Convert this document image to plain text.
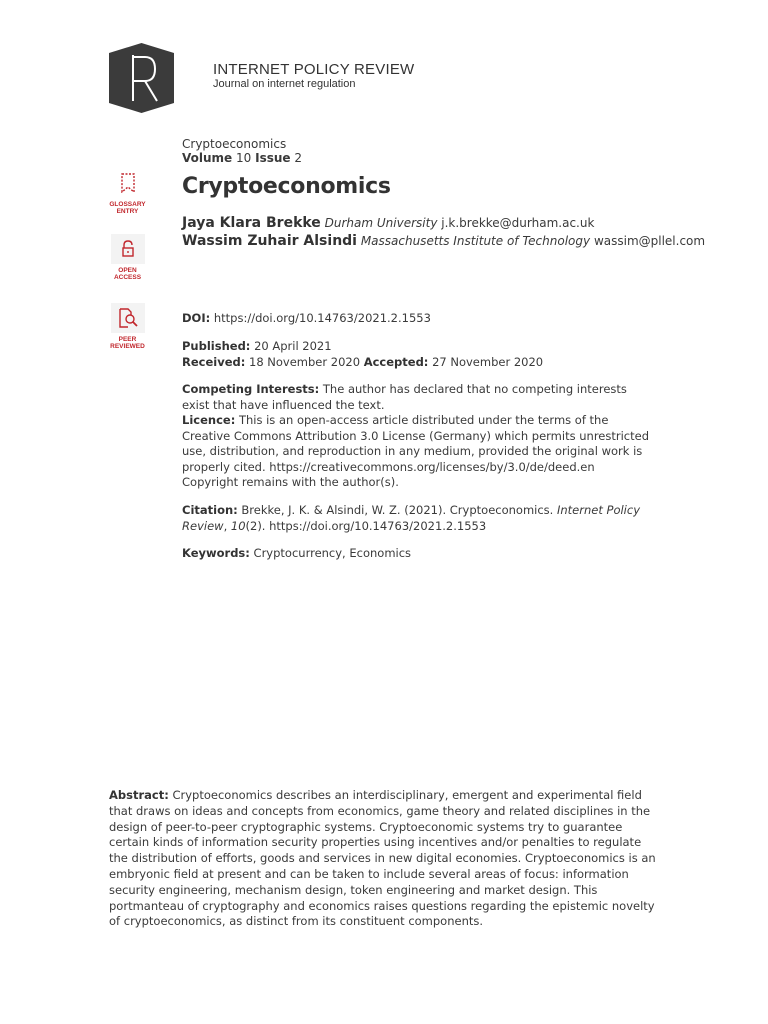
INTERNET POLICY REVIEW
Journal on internet regulation
GLOSSARY
ENTRY
OPEN
ACCESS
PEER
REVIEWED
Cryptoeconomics
Volume 10 Issue 2
Cryptoeconomics
Jaya Klara Brekke Durham University j.k.brekke@durham.ac.uk
Wassim Zuhair Alsindi Massachusetts Institute of Technology wassim@pllel.com
DOI: https://doi.org/10.14763/2021.2.1553
Published: 20 April 2021
Received: 18 November 2020 Accepted: 27 November 2020
Competing Interests: The author has declared that no competing interests exist that have influenced the text.
Licence: This is an open-access article distributed under the terms of the Creative Commons Attribution 3.0 License (Germany) which permits unrestricted use, distribution, and reproduction in any medium, provided the original work is properly cited. https://creativecommons.org/licenses/by/3.0/de/deed.en
Copyright remains with the author(s).
Citation: Brekke, J. K. & Alsindi, W. Z. (2021). Cryptoeconomics. Internet Policy Review, 10(2). https://doi.org/10.14763/2021.2.1553
Keywords: Cryptocurrency, Economics
Abstract: Cryptoeconomics describes an interdisciplinary, emergent and experimental field that draws on ideas and concepts from economics, game theory and related disciplines in the design of peer-to-peer cryptographic systems. Cryptoeconomic systems try to guarantee certain kinds of information security properties using incentives and/or penalties to regulate the distribution of efforts, goods and services in new digital economies. Cryptoeconomics is an embryonic field at present and can be taken to include several areas of focus: information security engineering, mechanism design, token engineering and market design. This portmanteau of cryptography and economics raises questions regarding the epistemic novelty of cryptoeconomics, as distinct from its constituent components.
